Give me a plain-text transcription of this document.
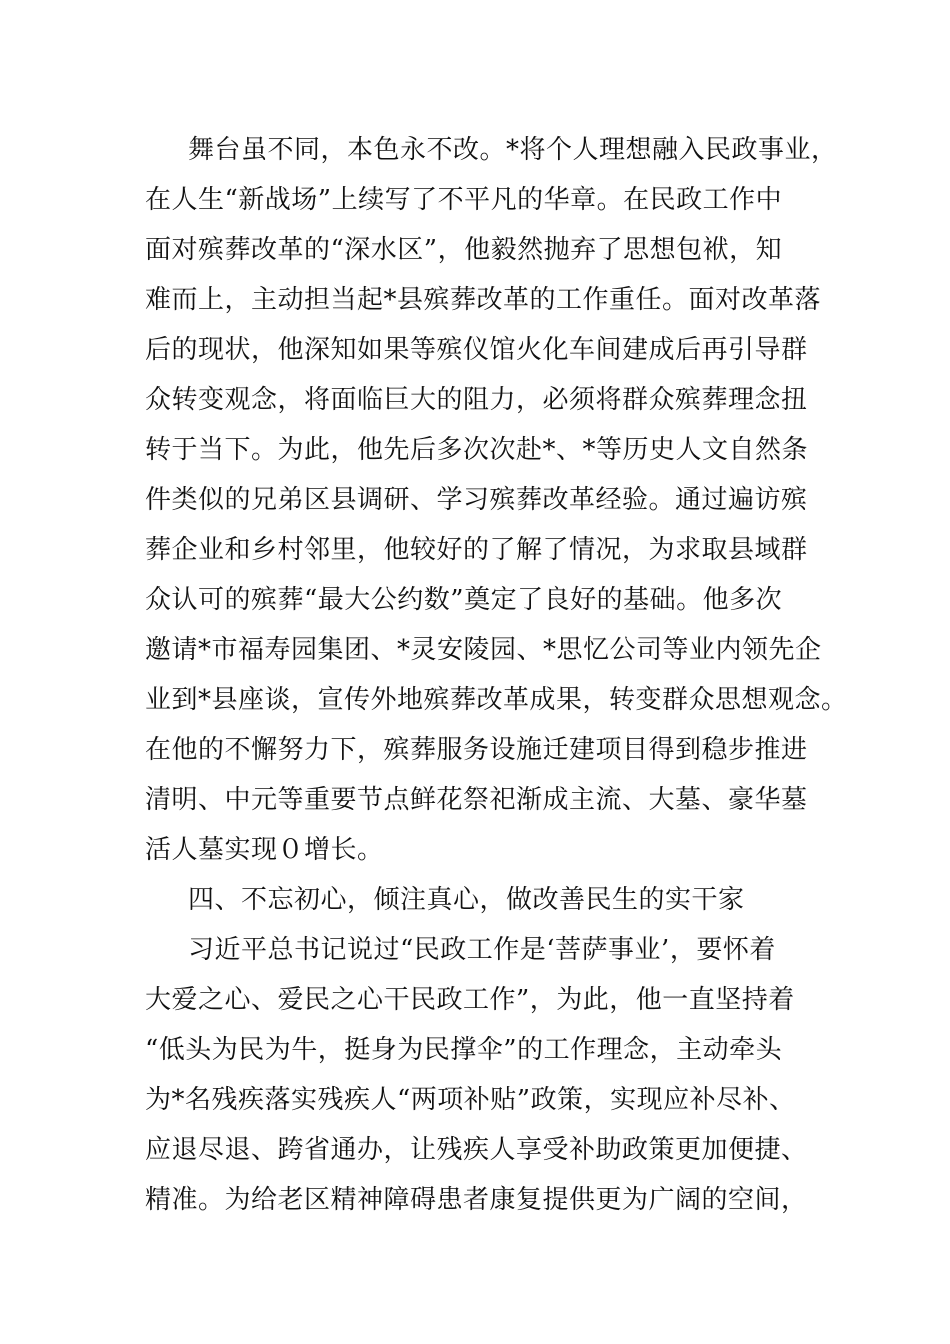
舞台虽不同，本色永不改。*将个人理想融入民政事业，
在人生“新战场”上续写了不平凡的华章。在民政工作中
面对殡葬改革的“深水区”，他毅然抛弃了思想包袱，知
难而上，主动担当起*县殡葬改革的工作重任。面对改革落
后的现状，他深知如果等殡仪馆火化车间建成后再引导群
众转变观念，将面临巨大的阻力，必须将群众殡葬理念扭
转于当下。为此，他先后多次次赴*、*等历史人文自然条
件类似的兄弟区县调研、学习殡葬改革经验。通过遍访殡
葬企业和乡村邻里，他较好的了解了情况，为求取县域群
众认可的殡葬“最大公约数”奠定了良好的基础。他多次
邀请*市福寿园集团、*灵安陵园、*思忆公司等业内领先企
业到*县座谈，宣传外地殡葬改革成果，转变群众思想观念。
在他的不懈努力下，殡葬服务设施迁建项目得到稳步推进
清明、中元等重要节点鲜花祭祀渐成主流、大墓、豪华墓
活人墓实现０增长。
四、不忘初心，倾注真心，做改善民生的实干家
习近平总书记说过“民政工作是‘菩萨事业’，要怀着
大爱之心、爱民之心干民政工作”，为此，他一直坚持着
“低头为民为牛，挺身为民撑伞”的工作理念，主动牵头
为*名残疾落实残疾人“两项补贴”政策，实现应补尽补、
应退尽退、跨省通办，让残疾人享受补助政策更加便捷、
精准。为给老区精神障碍患者康复提供更为广阔的空间，
